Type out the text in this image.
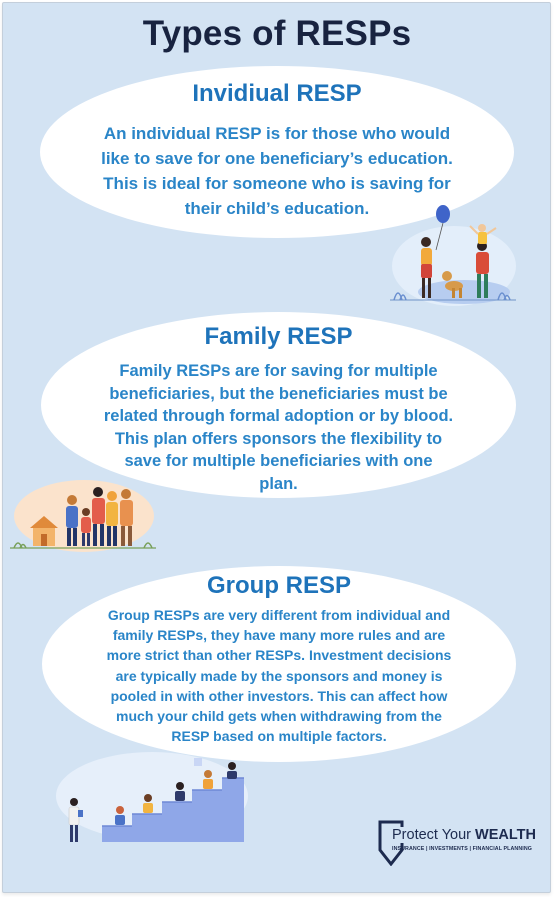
Types of RESPs
Invidiual RESP
An individual RESP is for those who would
like to save for one beneficiary’s education.
This is ideal for someone who is saving for
their child’s education.
Family RESP
Family RESPs are for saving for multiple
beneficiaries, but the beneficiaries must be
related through formal adoption or by blood.
This plan offers sponsors the flexibility to
save for multiple beneficiaries with one
plan.
Group RESP
Group RESPs are very different from individual and
family RESPs, they have many more rules and are
more strict than other RESPs. Investment decisions
are typically made by the sponsors and money is
pooled in with other investors. This can affect how
much your child gets when withdrawing from the
RESP based on multiple factors.
Protect Your WEALTH
INSURANCE | INVESTMENTS | FINANCIAL PLANNING
